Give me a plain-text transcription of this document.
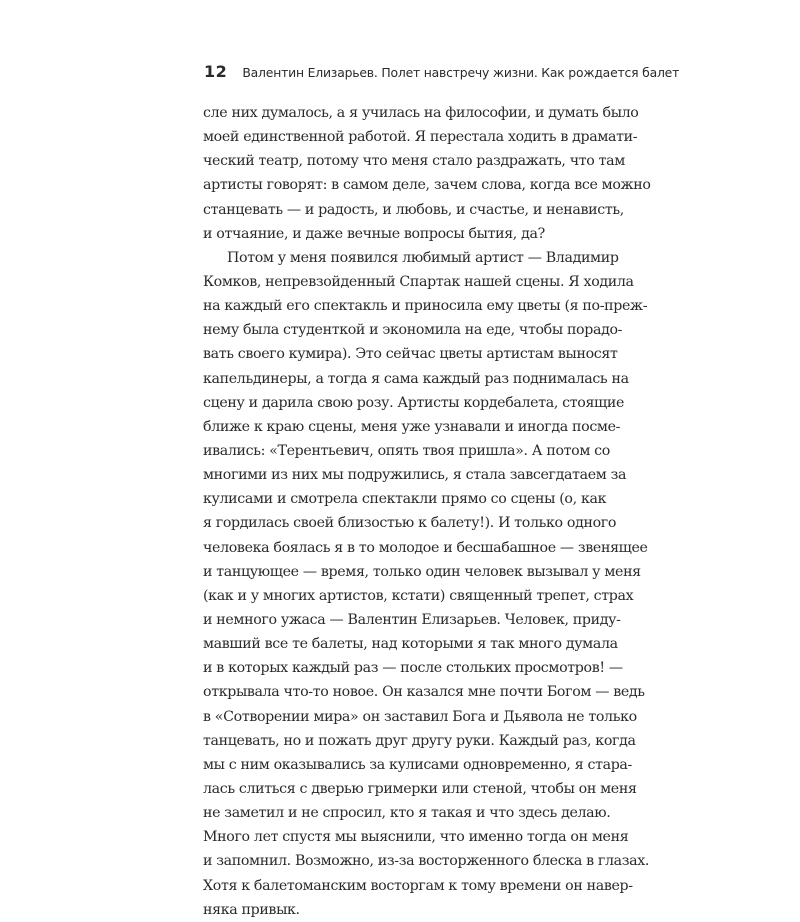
12 Валентин Елизарьев. Полет навстречу жизни. Как рождается балет
сле них думалось, а я училась на философии, и думать было
моей единственной работой. Я перестала ходить в драмати-
ческий театр, потому что меня стало раздражать, что там
артисты говорят: в самом деле, зачем слова, когда все можно
станцевать — и радость, и любовь, и счастье, и ненависть,
и отчаяние, и даже вечные вопросы бытия, да?
Потом у меня появился любимый артист — Владимир
Комков, непревзойденный Спартак нашей сцены. Я ходила
на каждый его спектакль и приносила ему цветы (я по-преж-
нему была студенткой и экономила на еде, чтобы порадо-
вать своего кумира). Это сейчас цветы артистам выносят
капельдинеры, а тогда я сама каждый раз поднималась на
сцену и дарила свою розу. Артисты кордебалета, стоящие
ближе к краю сцены, меня уже узнавали и иногда посме-
ивались: «Терентьевич, опять твоя пришла». А потом со
многими из них мы подружились, я стала завсегдатаем за
кулисами и смотрела спектакли прямо со сцены (о, как
я гордилась своей близостью к балету!). И только одного
человека боялась я в то молодое и бесшабашное — звенящее
и танцующее — время, только один человек вызывал у меня
(как и у многих артистов, кстати) священный трепет, страх
и немного ужаса — Валентин Елизарьев. Человек, приду-
мавший все те балеты, над которыми я так много думала
и в которых каждый раз — после стольких просмотров! —
открывала что-то новое. Он казался мне почти Богом — ведь
в «Сотворении мира» он заставил Бога и Дьявола не только
танцевать, но и пожать друг другу руки. Каждый раз, когда
мы с ним оказывались за кулисами одновременно, я стара-
лась слиться с дверью гримерки или стеной, чтобы он меня
не заметил и не спросил, кто я такая и что здесь делаю.
Много лет спустя мы выяснили, что именно тогда он меня
и запомнил. Возможно, из-за восторженного блеска в глазах.
Хотя к балетоманским восторгам к тому времени он навер-
няка привык.
